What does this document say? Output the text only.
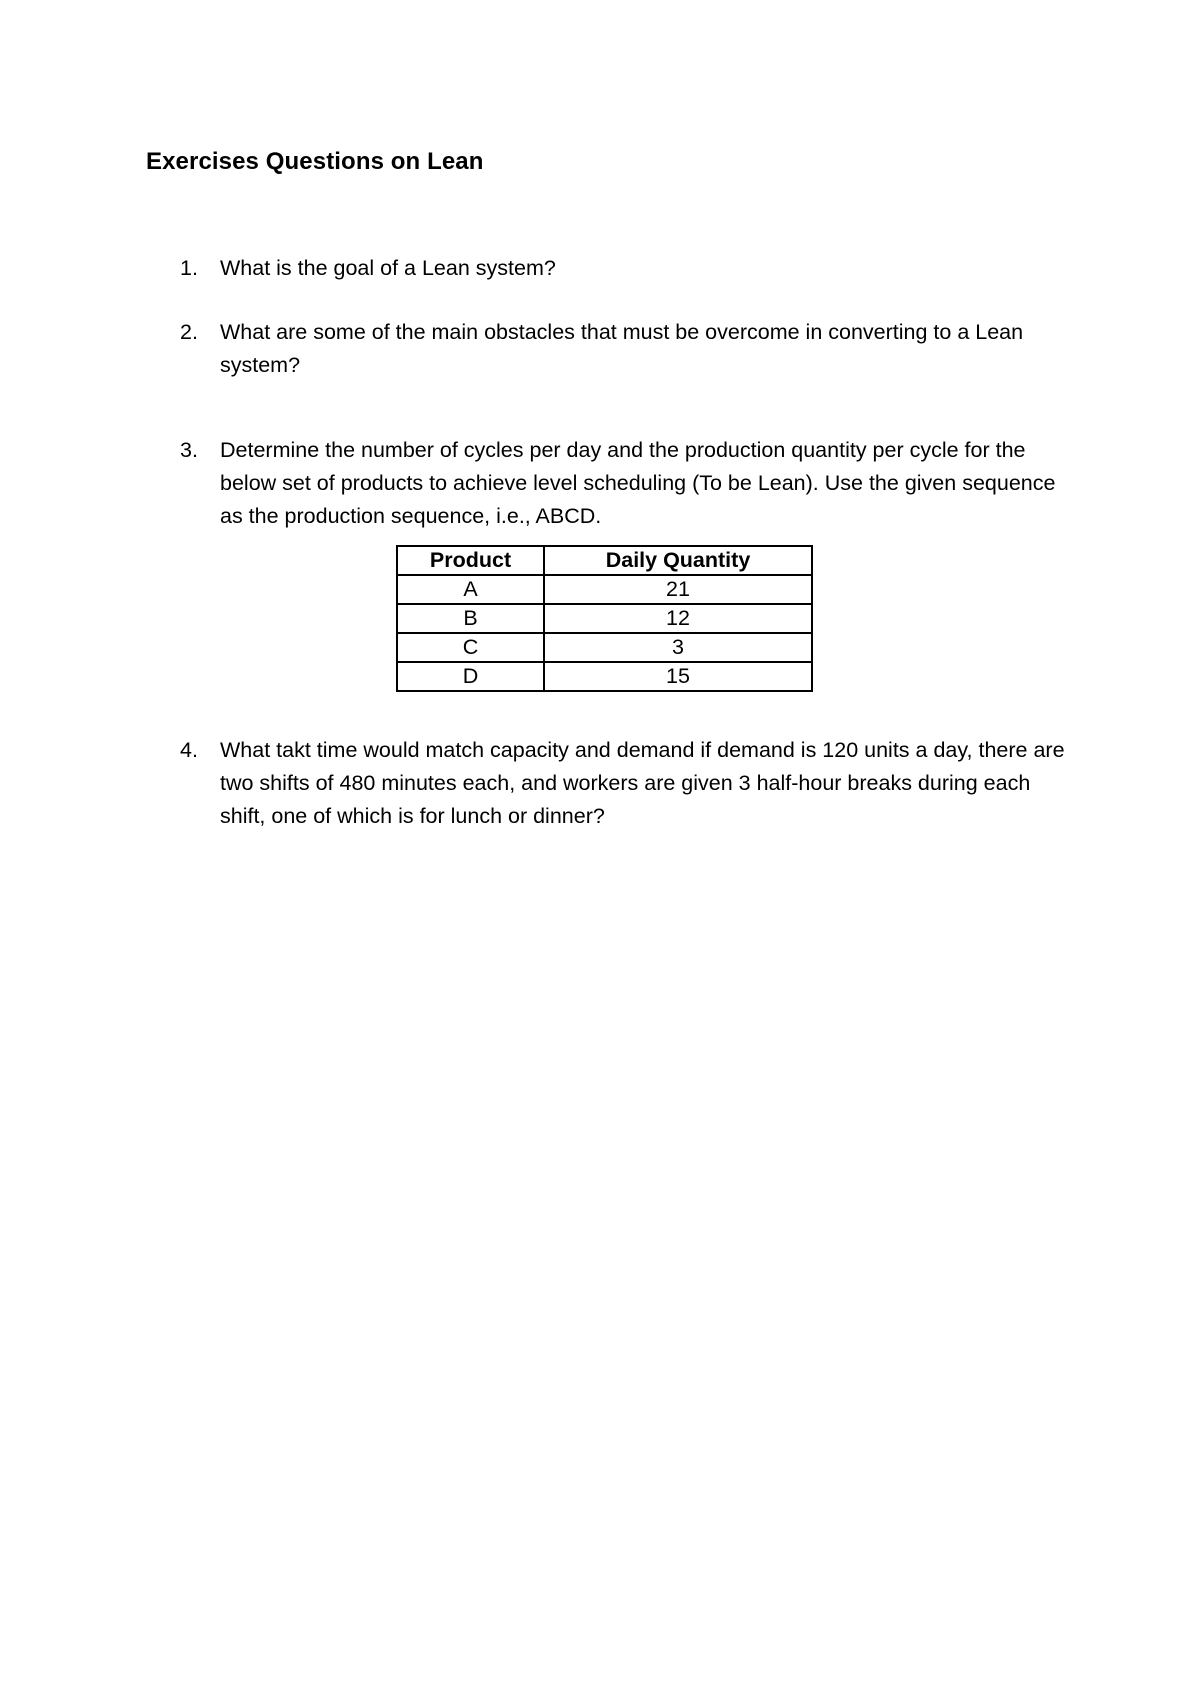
Exercises Questions on Lean
1.	What is the goal of a Lean system?
2.	What are some of the main obstacles that must be overcome in converting to a Lean system?
3.	Determine the number of cycles per day and the production quantity per cycle for the below set of products to achieve level scheduling (To be Lean). Use the given sequence as the production sequence, i.e., ABCD.
Product	Daily Quantity
A	21
B	12
C	3
D	15
4.	What takt time would match capacity and demand if demand is 120 units a day, there are two shifts of 480 minutes each, and workers are given 3 half-hour breaks during each shift, one of which is for lunch or dinner?
